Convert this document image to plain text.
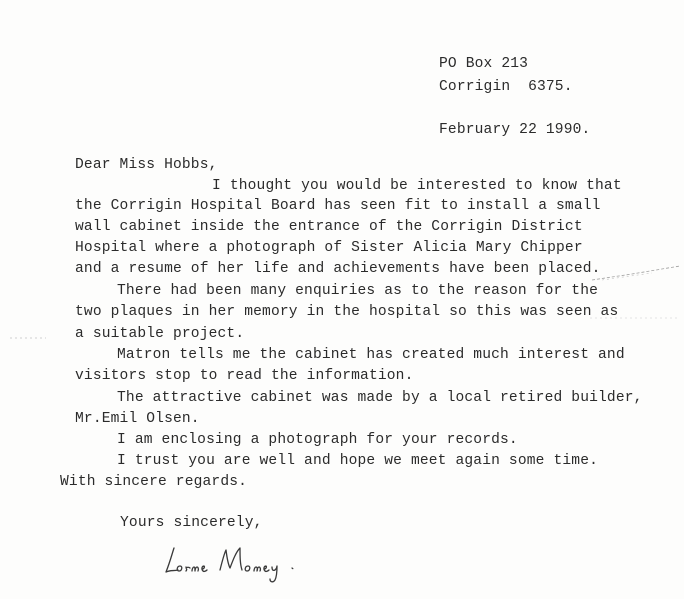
PO Box 213
Corrigin  6375.
February 22 1990.
Dear Miss Hobbs,
I thought you would be interested to know that
the Corrigin Hospital Board has seen fit to install a small
wall cabinet inside the entrance of the Corrigin District
Hospital where a photograph of Sister Alicia Mary Chipper
and a resume of her life and achievements have been placed.
There had been many enquiries as to the reason for the
two plaques in her memory in the hospital so this was seen as
a suitable project.
Matron tells me the cabinet has created much interest and
visitors stop to read the information.
The attractive cabinet was made by a local retired builder,
Mr.Emil Olsen.
I am enclosing a photograph for your records.
I trust you are well and hope we meet again some time.
With sincere regards.
Yours sincerely,
